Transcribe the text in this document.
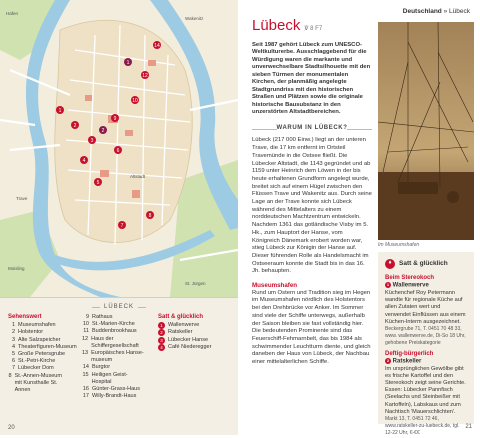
1
2
3
4
5
6
7
8
9
10
12
14
1
2
Hafen
Wakenitz
Trave
Altstadt
Moisling
St. Jürgen
LÜBECK
Sehenswert
1 Museumshafen
2 Holstentor
3 Alte Salzspeicher
4 Theaterfiguren-Museum
5 Große Petersgrube
6 St.-Petri-Kirche
7 Lübecker Dom
8 St.-Annen-Museum mit Kunsthalle St. Annen
9 Rathaus
10 St.-Marien-Kirche
11 Buddenbrookhaus
12 Haus der Schiffergesellschaft
13 Europäisches Hanse-museum
14 Burgtor
15 Heiligen Geist-Hospital
16 Günter-Grass-Haus
17 Willy-Brandt-Haus
Satt & glücklich
1 Wallenwerve
2 Ratskeller
3 Lübecker Hanse
4 Café Niederegger
20
Deutschland » Lübeck
Lübeck ℣ 8 F7
Seit 1987 gehört Lübeck zum UNESCO-Weltkulturerbe. Ausschlaggebend für die Würdigung waren die markante und unverwechselbare Stadtsilhouette mit den sieben Türmen der monumentalen Kirchen, der planmäßig angelegte Stadtgrundriss mit den historischen Straßen und Plätzen sowie die originale historische Bausubstanz in den unzerstörten Altstadtbereichen.
WARUM IN LÜBECK?

Lübeck (217 000 Einw.) liegt an der unteren Trave, die 17 km entfernt im Ortsteil Travemünde in die Ostsee fließt. Die Lübecker Altstadt, die 1143 gegründet und ab 1159 unter Heinrich dem Löwen in der bis heute erhaltenen Grundform angelegt wurde, breitet sich auf einem Hügel zwischen den Flüssen Trave und Wakenitz aus. Durch seine Lage an der Trave konnte sich Lübeck während des Mittelalters zu einem norddeutschen Machtzentrum entwickeln. Nachdem 1361 das gotländische Visby im 5. Hk., zum Hauptort der Hanse, vom Königreich Dänemark erobert worden war, stieg Lübeck zur Königin der Hanse auf. Dieser führenden Rolle als Handelsmacht im Ostseeraum konnte die Stadt bis in das 16. Jh. behaupten.

Museumshafen

Rund um Ostern und Tradition sieg im Hegen im Museumshafen nördlich des Holstentors bei den Drehbrücke vor Anker. Im Sommer sind viele der Schiffe unterwegs, außerhalb der Saison bleiben sie fast vollständig hier. Die bedeutenden Prominente sind das Feuerschiff-Fehmarnbelt, das bis 1984 als schwimmender Leuchtturm diente, und gleich daneben der Haus von Lübeck, der Nachbau einer mittelalterlichen Schiffe.

Im Museumshafen
♦	Satt & glücklich
Beim Stereokoch
1 Wallenwerve
Küchenchef Roy Petermann wandte für regionale Küche auf allen Zutaten wert und verwendet Einflüssen aus einem Küchen-Interm ausgezeichnet.
Beckergrube 71, T. 0451 70 48 33, www. wallenwerve.de, Di-So 18 Uhr, gehobene Preiskategorie
Deftig-bürgerlich
2 Ratskeller
Im ursprünglichen Gewölbe gibt es frische Kartoffel und den Stereokoch zeigt seine Gerichte. Essen: Lübecker Pannfisch (Seelachs und Steinbeißer mit Kartoffeln), Labskaus und zum Nachtisch 'Mauerschlichten'.
Markt 13, T. 0451 72 46, www.ratskeller-zu-luebeck.de, tgl. 12-22 Uhr, €-€€
21
